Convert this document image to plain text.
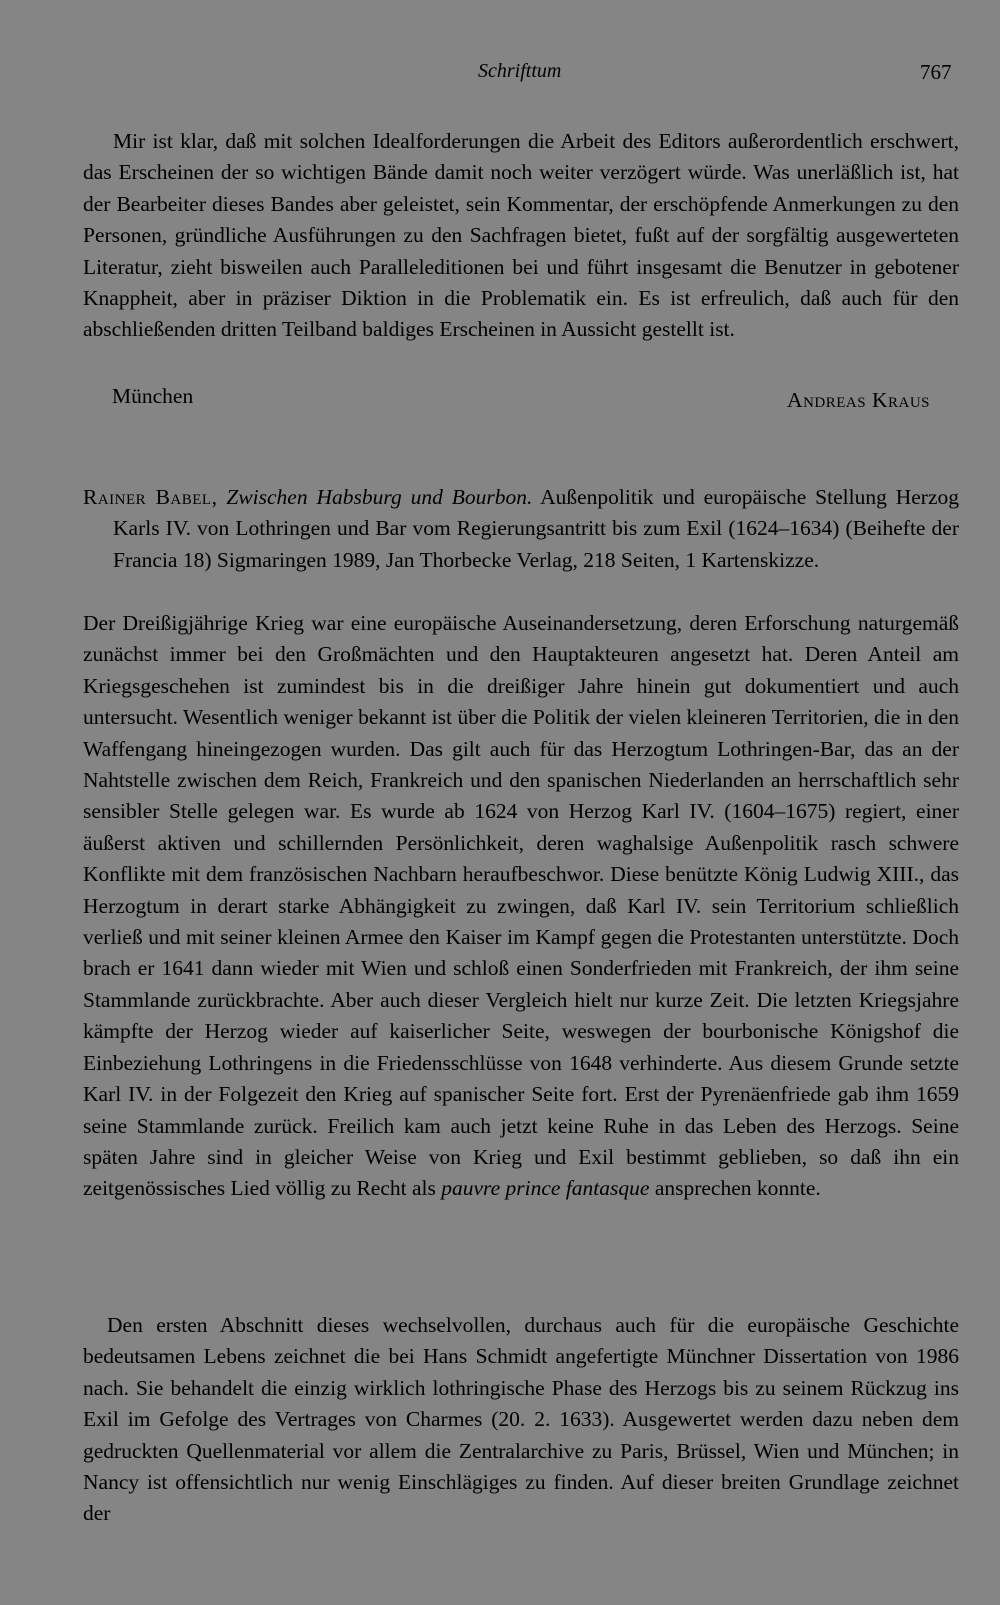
Schrifttum	767
Mir ist klar, daß mit solchen Idealforderungen die Arbeit des Editors außerordentlich erschwert, das Erscheinen der so wichtigen Bände damit noch weiter verzögert würde. Was unerläßlich ist, hat der Bearbeiter dieses Bandes aber geleistet, sein Kommentar, der erschöpfende Anmerkungen zu den Personen, gründliche Ausführungen zu den Sachfragen bietet, fußt auf der sorgfältig ausgewerteten Literatur, zieht bisweilen auch Paralleleditionen bei und führt insgesamt die Benutzer in gebotener Knappheit, aber in präziser Diktion in die Problematik ein. Es ist erfreulich, daß auch für den abschließenden dritten Teilband baldiges Erscheinen in Aussicht gestellt ist.
München	Andreas Kraus
Rainer Babel, Zwischen Habsburg und Bourbon. Außenpolitik und europäische Stellung Herzog Karls IV. von Lothringen und Bar vom Regierungsantritt bis zum Exil (1624–1634) (Beihefte der Francia 18) Sigmaringen 1989, Jan Thorbecke Verlag, 218 Seiten, 1 Kartenskizze.
Der Dreißigjährige Krieg war eine europäische Auseinandersetzung, deren Erforschung naturgemäß zunächst immer bei den Großmächten und den Hauptakteuren angesetzt hat. Deren Anteil am Kriegsgeschehen ist zumindest bis in die dreißiger Jahre hinein gut dokumentiert und auch untersucht. Wesentlich weniger bekannt ist über die Politik der vielen kleineren Territorien, die in den Waffengang hineingezogen wurden. Das gilt auch für das Herzogtum Lothringen-Bar, das an der Nahtstelle zwischen dem Reich, Frankreich und den spanischen Niederlanden an herrschaftlich sehr sensibler Stelle gelegen war. Es wurde ab 1624 von Herzog Karl IV. (1604–1675) regiert, einer äußerst aktiven und schillernden Persönlichkeit, deren waghalsige Außenpolitik rasch schwere Konflikte mit dem französischen Nachbarn heraufbeschwor. Diese benützte König Ludwig XIII., das Herzogtum in derart starke Abhängigkeit zu zwingen, daß Karl IV. sein Territorium schließlich verließ und mit seiner kleinen Armee den Kaiser im Kampf gegen die Protestanten unterstützte. Doch brach er 1641 dann wieder mit Wien und schloß einen Sonderfrieden mit Frankreich, der ihm seine Stammlande zurückbrachte. Aber auch dieser Vergleich hielt nur kurze Zeit. Die letzten Kriegsjahre kämpfte der Herzog wieder auf kaiserlicher Seite, weswegen der bourbonische Königshof die Einbeziehung Lothringens in die Friedensschlüsse von 1648 verhinderte. Aus diesem Grunde setzte Karl IV. in der Folgezeit den Krieg auf spanischer Seite fort. Erst der Pyrenäenfriede gab ihm 1659 seine Stammlande zurück. Freilich kam auch jetzt keine Ruhe in das Leben des Herzogs. Seine späten Jahre sind in gleicher Weise von Krieg und Exil bestimmt geblieben, so daß ihn ein zeitgenössisches Lied völlig zu Recht als pauvre prince fantasque ansprechen konnte.
Den ersten Abschnitt dieses wechselvollen, durchaus auch für die europäische Geschichte bedeutsamen Lebens zeichnet die bei Hans Schmidt angefertigte Münchner Dissertation von 1986 nach. Sie behandelt die einzig wirklich lothringische Phase des Herzogs bis zu seinem Rückzug ins Exil im Gefolge des Vertrages von Charmes (20. 2. 1633). Ausgewertet werden dazu neben dem gedruckten Quellenmaterial vor allem die Zentralarchive zu Paris, Brüssel, Wien und München; in Nancy ist offensichtlich nur wenig Einschlägiges zu finden. Auf dieser breiten Grundlage zeichnet der
